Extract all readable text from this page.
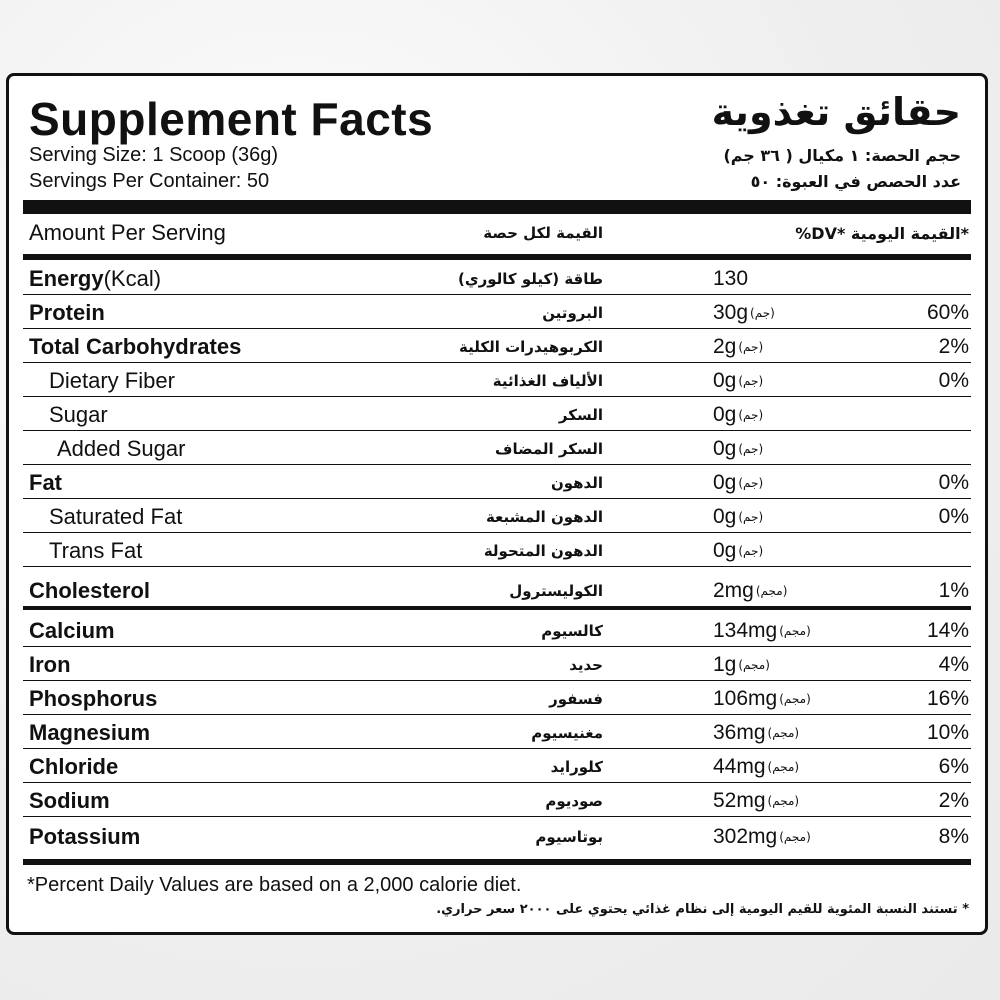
Supplement Facts	حقائق تغذوية
Serving Size: 1 Scoop (36g)
Servings Per Container: 50
حجم الحصة: ١ مكيال ( ٣٦ جم)
عدد الحصص في العبوة: ٥٠
Amount Per Serving	القيمة لكل حصة	*القيمة اليومية *DV%
Energy (Kcal)	طاقة (كيلو كالوري)	130
Protein	البروتين	30g (جم)	60%
Total Carbohydrates	الكربوهيدرات الكلية	2g (جم)	2%
Dietary Fiber	الألياف الغذائية	0g (جم)	0%
Sugar	السكر	0g (جم)
Added Sugar	السكر المضاف	0g (جم)
Fat	الدهون	0g (جم)	0%
Saturated Fat	الدهون المشبعة	0g (جم)	0%
Trans Fat	الدهون المتحولة	0g (جم)
Cholesterol	الكوليسترول	2mg (مجم)	1%
Calcium	كالسيوم	134mg (مجم)	14%
Iron	حديد	1g (مجم)	4%
Phosphorus	فسفور	106mg (مجم)	16%
Magnesium	مغنيسيوم	36mg (مجم)	10%
Chloride	كلورايد	44mg (مجم)	6%
Sodium	صوديوم	52mg (مجم)	2%
Potassium	بوتاسيوم	302mg (مجم)	8%
*Percent Daily Values are based on a 2,000 calorie diet.
* تستند النسبة المئوية للقيم اليومية إلى نظام غذائي يحتوي على ٢٠٠٠ سعر حراري.
